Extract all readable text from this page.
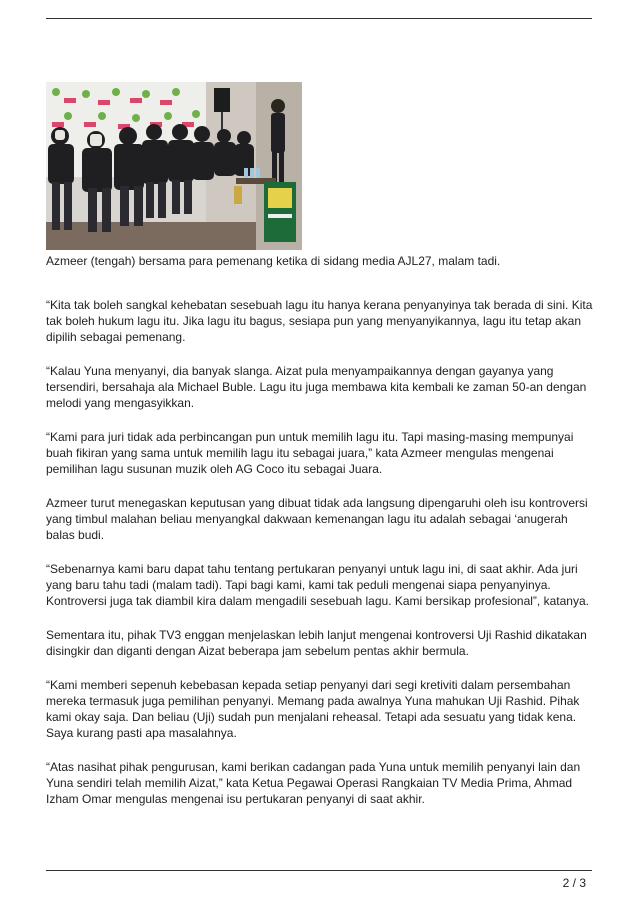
Azmeer (tengah) bersama para pemenang ketika di sidang media AJL27, malam tadi.

“Kita tak boleh sangkal kehebatan sesebuah lagu itu hanya kerana penyanyinya tak berada di sini. Kita tak boleh hukum lagu itu. Jika lagu itu bagus, sesiapa pun yang menyanyikannya, lagu itu tetap akan dipilih sebagai pemenang.

“Kalau Yuna menyanyi, dia banyak slanga. Aizat pula menyampaikannya dengan gayanya yang tersendiri, bersahaja ala Michael Buble. Lagu itu juga membawa kita kembali ke zaman 50-an dengan melodi yang mengasyikkan.

“Kami para juri tidak ada perbincangan pun untuk memilih lagu itu. Tapi masing-masing mempunyai buah fikiran yang sama untuk memilih lagu itu sebagai juara,” kata Azmeer mengulas mengenai pemilihan lagu susunan muzik oleh AG Coco itu sebagai Juara.

Azmeer turut menegaskan keputusan yang dibuat tidak ada langsung dipengaruhi oleh isu kontroversi yang timbul malahan beliau menyangkal dakwaan kemenangan lagu itu adalah sebagai ‘anugerah balas budi.

“Sebenarnya kami baru dapat tahu tentang pertukaran penyanyi untuk lagu ini, di saat akhir. Ada juri yang baru tahu tadi (malam tadi). Tapi bagi kami, kami tak peduli mengenai siapa penyanyinya. Kontroversi juga tak diambil kira dalam mengadili sesebuah lagu. Kami bersikap profesional”, katanya.

Sementara itu, pihak TV3 enggan menjelaskan lebih lanjut mengenai kontroversi Uji Rashid dikatakan disingkir dan diganti dengan Aizat beberapa jam sebelum pentas akhir bermula.

“Kami memberi sepenuh kebebasan kepada setiap penyanyi dari segi kretiviti dalam persembahan mereka termasuk juga pemilihan penyanyi. Memang pada awalnya Yuna mahukan Uji Rashid. Pihak kami okay saja. Dan beliau (Uji) sudah pun menjalani reheasal. Tetapi ada sesuatu yang tidak kena. Saya kurang pasti apa masalahnya.

“Atas nasihat pihak pengurusan, kami berikan cadangan pada Yuna untuk memilih penyanyi lain dan Yuna sendiri telah memilih Aizat,” kata Ketua Pegawai Operasi Rangkaian TV Media Prima, Ahmad Izham Omar mengulas mengenai isu pertukaran penyanyi di saat akhir.

2 / 3
